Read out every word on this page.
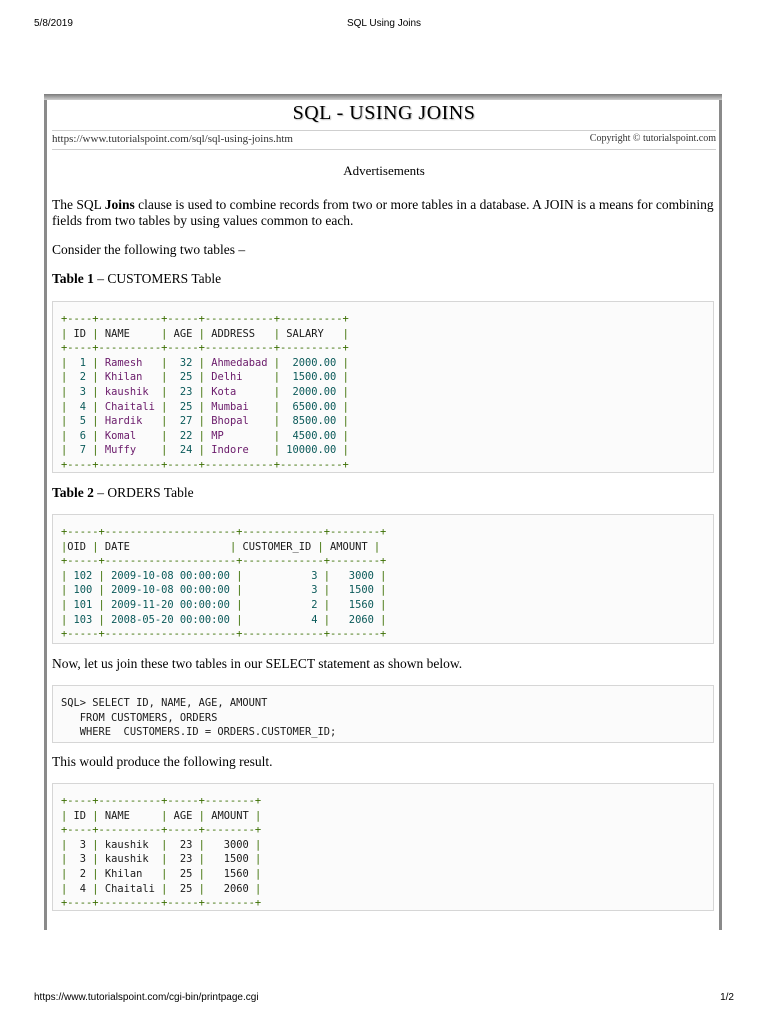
5/8/2019	SQL Using Joins
SQL - USING JOINS
https://www.tutorialspoint.com/sql/sql-using-joins.htm	Copyright © tutorialspoint.com
Advertisements
The SQL Joins clause is used to combine records from two or more tables in a database. A JOIN is a means for combining fields from two tables by using values common to each.
Consider the following two tables –
Table 1 – CUSTOMERS Table
+----+----------+-----+-----------+----------+
| ID | NAME     | AGE | ADDRESS   | SALARY   |
+----+----------+-----+-----------+----------+
|  1 | Ramesh   |  32 | Ahmedabad |  2000.00 |
|  2 | Khilan   |  25 | Delhi     |  1500.00 |
|  3 | kaushik  |  23 | Kota      |  2000.00 |
|  4 | Chaitali |  25 | Mumbai    |  6500.00 |
|  5 | Hardik   |  27 | Bhopal    |  8500.00 |
|  6 | Komal    |  22 | MP        |  4500.00 |
|  7 | Muffy    |  24 | Indore    | 10000.00 |
+----+----------+-----+-----------+----------+
Table 2 – ORDERS Table
+-----+---------------------+-------------+--------+
|OID | DATE                | CUSTOMER_ID | AMOUNT |
+-----+---------------------+-------------+--------+
| 102 | 2009-10-08 00:00:00 |           3 |   3000 |
| 100 | 2009-10-08 00:00:00 |           3 |   1500 |
| 101 | 2009-11-20 00:00:00 |           2 |   1560 |
| 103 | 2008-05-20 00:00:00 |           4 |   2060 |
+-----+---------------------+-------------+--------+
Now, let us join these two tables in our SELECT statement as shown below.
SQL> SELECT ID, NAME, AGE, AMOUNT
FROM CUSTOMERS, ORDERS
WHERE  CUSTOMERS.ID = ORDERS.CUSTOMER_ID;
This would produce the following result.
+----+----------+-----+--------+
| ID | NAME     | AGE | AMOUNT |
+----+----------+-----+--------+
|  3 | kaushik  |  23 |   3000 |
|  3 | kaushik  |  23 |   1500 |
|  2 | Khilan   |  25 |   1560 |
|  4 | Chaitali |  25 |   2060 |
+----+----------+-----+--------+
https://www.tutorialspoint.com/cgi-bin/printpage.cgi	1/2
